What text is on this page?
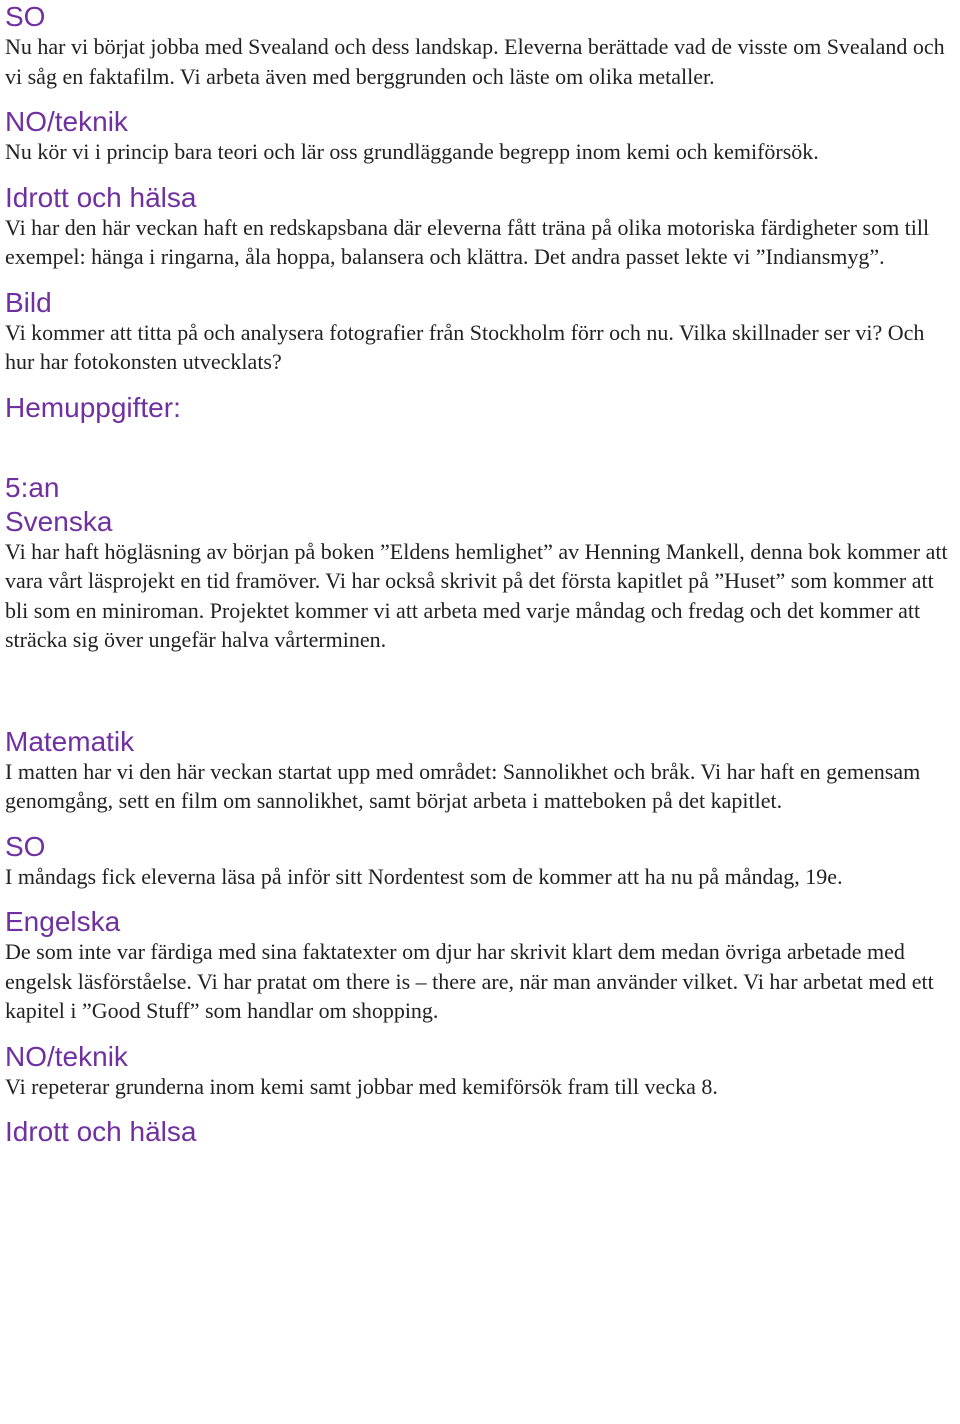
SO

Nu har vi börjat jobba med Svealand och dess landskap. Eleverna berättade vad de visste om Svealand och vi såg en faktafilm. Vi arbeta även med berggrunden och läste om olika metaller.

NO/teknik

Nu kör vi i princip bara teori och lär oss grundläggande begrepp inom kemi och kemiförsök.

Idrott och hälsa

Vi har den här veckan haft en redskapsbana där eleverna fått träna på olika motoriska färdigheter som till exempel: hänga i ringarna, åla hoppa, balansera och klättra. Det andra passet lekte vi ”Indiansmyg”.

Bild

Vi kommer att titta på och analysera fotografier från Stockholm förr och nu. Vilka skillnader ser vi? Och hur har fotokonsten utvecklats?

Hemuppgifter:
5:an
Svenska

Vi har haft högläsning av början på boken ”Eldens hemlighet” av Henning Mankell, denna bok kommer att vara vårt läsprojekt en tid framöver. Vi har också skrivit på det första kapitlet på ”Huset” som kommer att bli som en miniroman. Projektet kommer vi att arbeta med varje måndag och fredag och det kommer att sträcka sig över ungefär halva vårterminen.

Matematik

I matten har vi den här veckan startat upp med området: Sannolikhet och bråk. Vi har haft en gemensam genomgång, sett en film om sannolikhet, samt börjat arbeta i matteboken på det kapitlet.

SO

I måndags fick eleverna läsa på inför sitt Nordentest som de kommer att ha nu på måndag, 19e.

Engelska

De som inte var färdiga med sina faktatexter om djur har skrivit klart dem medan övriga arbetade med engelsk läsförståelse. Vi har pratat om there is – there are, när man använder vilket. Vi har arbetat med ett kapitel i ”Good Stuff” som handlar om shopping.

NO/teknik

Vi repeterar grunderna inom kemi samt jobbar med kemiförsök fram till vecka 8.

Idrott och hälsa
